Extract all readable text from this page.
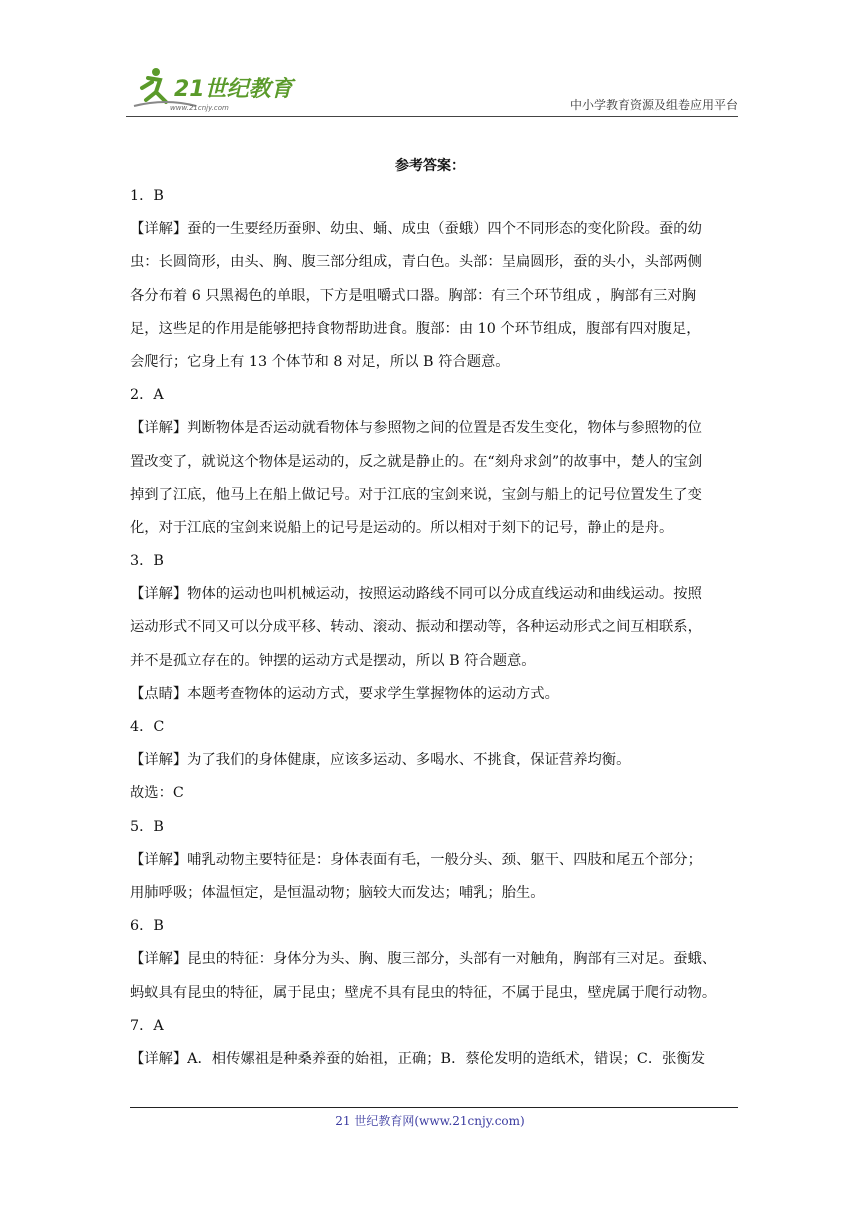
21世纪教育
www.21cnjy.com	中小学教育资源及组卷应用平台
参考答案：
1．B
【详解】蚕的一生要经历蚕卵、幼虫、蛹、成虫（蚕蛾）四个不同形态的变化阶段。蚕的幼
虫：长圆筒形，由头、胸、腹三部分组成，青白色。头部：呈扁圆形，蚕的头小，头部两侧
各分布着 6 只黑褐色的单眼，下方是咀嚼式口器。胸部：有三个环节组成 ，胸部有三对胸
足，这些足的作用是能够把持食物帮助进食。腹部：由 10 个环节组成，腹部有四对腹足，
会爬行；它身上有 13 个体节和 8 对足，所以 B 符合题意。
2．A
【详解】判断物体是否运动就看物体与参照物之间的位置是否发生变化，物体与参照物的位
置改变了，就说这个物体是运动的，反之就是静止的。在“刻舟求剑”的故事中，楚人的宝剑
掉到了江底，他马上在船上做记号。对于江底的宝剑来说，宝剑与船上的记号位置发生了变
化，对于江底的宝剑来说船上的记号是运动的。所以相对于刻下的记号，静止的是舟。
3．B
【详解】物体的运动也叫机械运动，按照运动路线不同可以分成直线运动和曲线运动。按照
运动形式不同又可以分成平移、转动、滚动、振动和摆动等，各种运动形式之间互相联系，
并不是孤立存在的。钟摆的运动方式是摆动，所以 B 符合题意。
【点睛】本题考查物体的运动方式，要求学生掌握物体的运动方式。
4．C
【详解】为了我们的身体健康，应该多运动、多喝水、不挑食，保证营养均衡。
故选：C
5．B
【详解】哺乳动物主要特征是：身体表面有毛，一般分头、颈、躯干、四肢和尾五个部分；
用肺呼吸；体温恒定，是恒温动物；脑较大而发达；哺乳；胎生。
6．B
【详解】昆虫的特征：身体分为头、胸、腹三部分，头部有一对触角，胸部有三对足。蚕蛾、
蚂蚁具有昆虫的特征，属于昆虫；壁虎不具有昆虫的特征，不属于昆虫，壁虎属于爬行动物。
7．A
【详解】A．相传嫘祖是种桑养蚕的始祖，正确；B．蔡伦发明的造纸术，错误；C．张衡发
21 世纪教育网(www.21cnjy.com)
